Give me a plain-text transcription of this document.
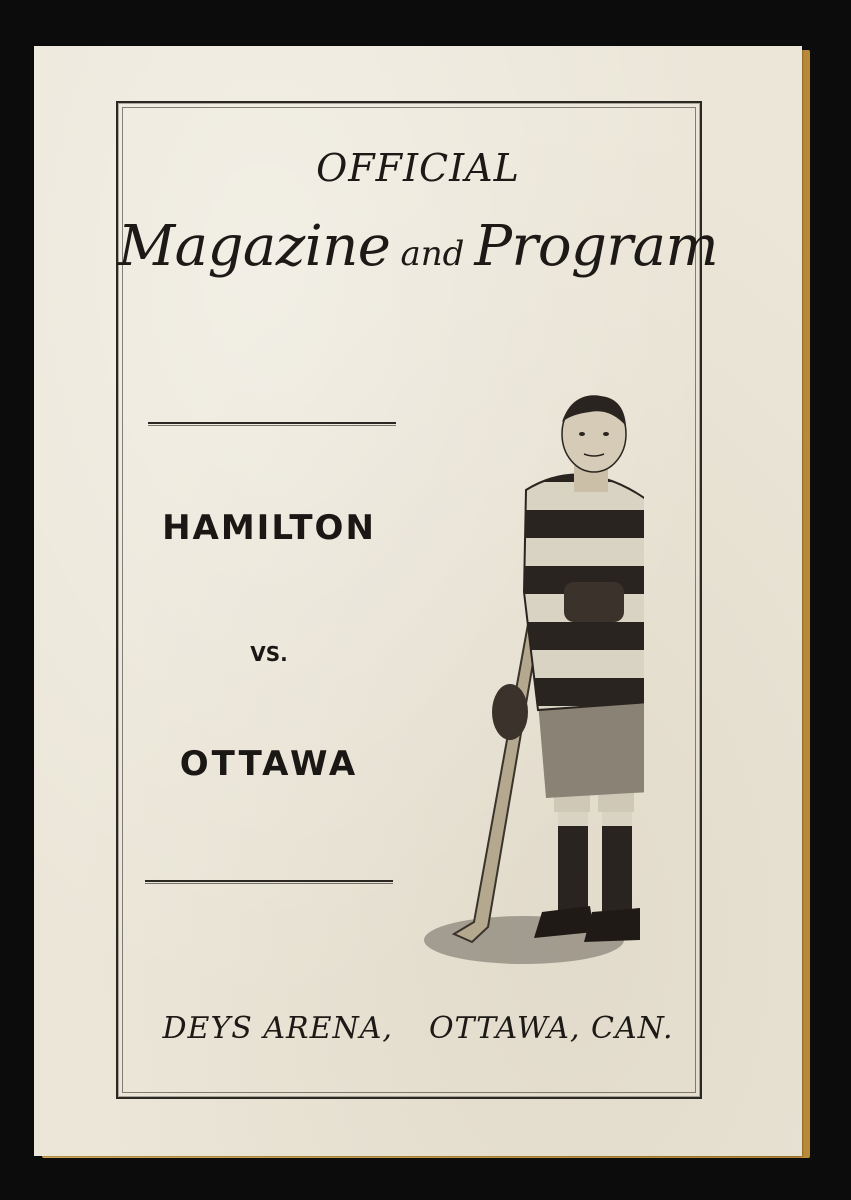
OFFICIAL
Magazine and Program
HAMILTON
VS.
OTTAWA
DEYS ARENA, OTTAWA, CAN.
